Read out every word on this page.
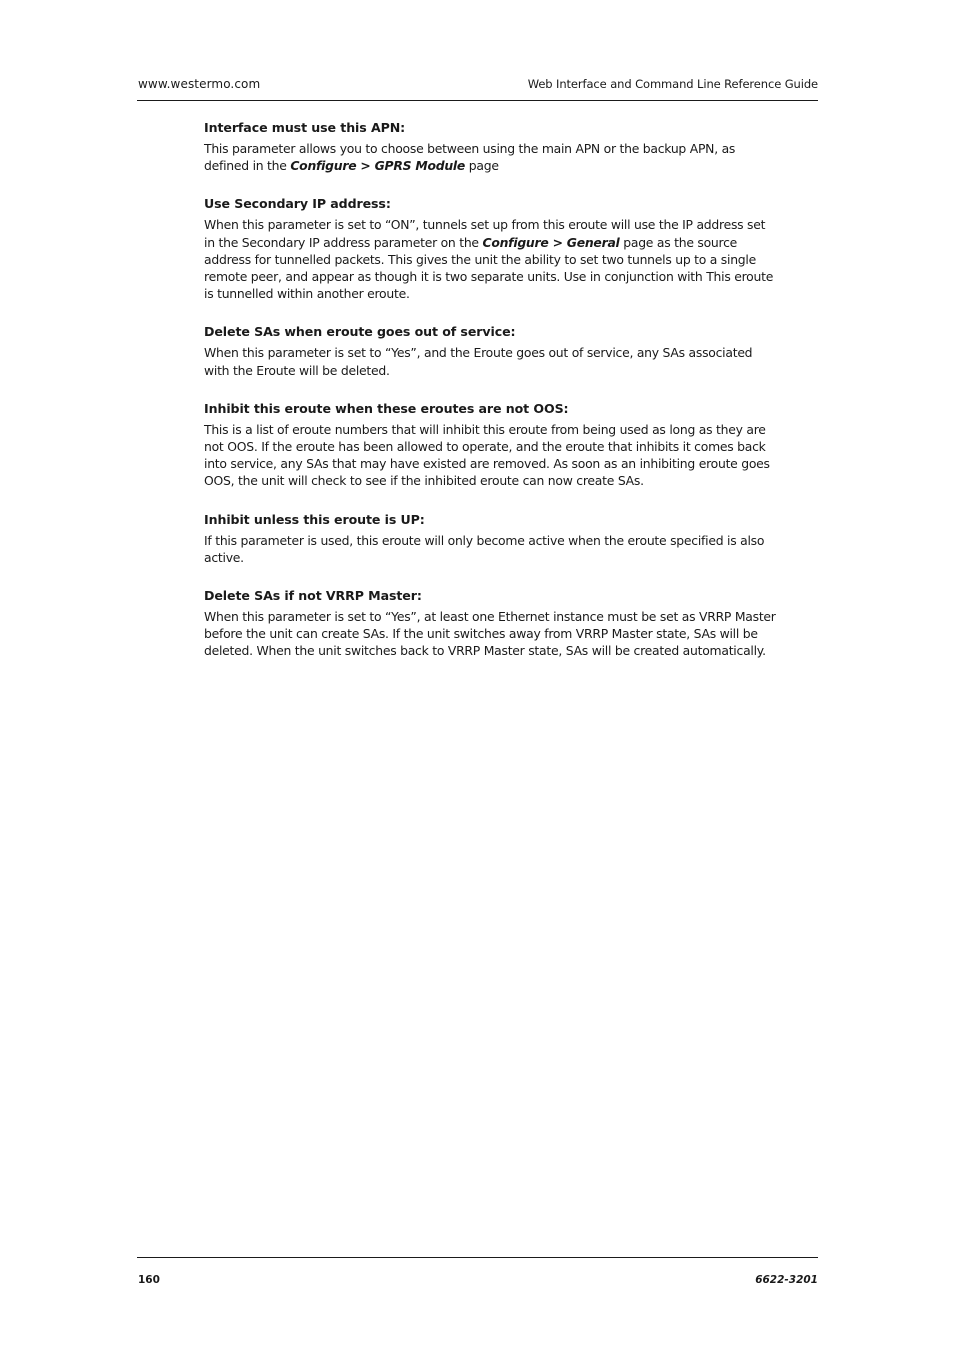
www.westermo.com	Web Interface and Command Line Reference Guide
Interface must use this APN:

This parameter allows you to choose between using the main APN or the backup APN, as defined in the Configure > GPRS Module page

Use Secondary IP address:

When this parameter is set to “ON”, tunnels set up from this eroute will use the IP address set in the Secondary IP address parameter on the Configure > General page as the source address for tunnelled packets. This gives the unit the ability to set two tunnels up to a single remote peer, and appear as though it is two separate units. Use in conjunction with This eroute is tunnelled within another eroute.

Delete SAs when eroute goes out of service:

When this parameter is set to “Yes”, and the Eroute goes out of service, any SAs associated with the Eroute will be deleted.

Inhibit this eroute when these eroutes are not OOS:

This is a list of eroute numbers that will inhibit this eroute from being used as long as they are not OOS. If the eroute has been allowed to operate, and the eroute that inhibits it comes back into service, any SAs that may have existed are removed. As soon as an inhibiting eroute goes OOS, the unit will check to see if the inhibited eroute can now create SAs.

Inhibit unless this eroute is UP:

If this parameter is used, this eroute will only become active when the eroute specified is also active.

Delete SAs if not VRRP Master:

When this parameter is set to “Yes”, at least one Ethernet instance must be set as VRRP Master before the unit can create SAs. If the unit switches away from VRRP Master state, SAs will be deleted. When the unit switches back to VRRP Master state, SAs will be created automatically.

160	6622-3201
